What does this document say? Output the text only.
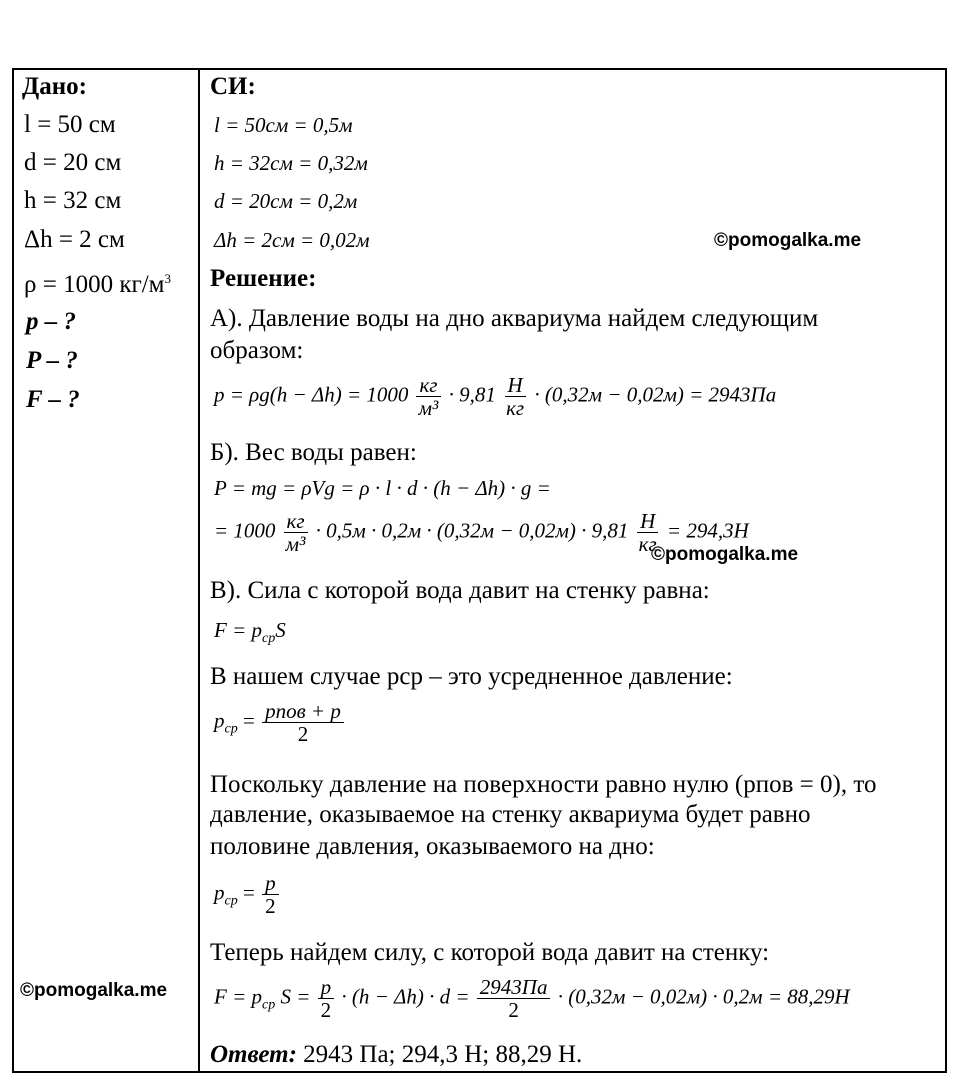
Дано:
l = 50 см
d = 20 см
h = 32 см
Δh = 2 см
ρ = 1000 $кг/м^3$
p – ?
P – ?
F – ?
©pomogalka.me
СИ:
l = 50см = 0,5м
h = 32см = 0,32м
d = 20см = 0,2м
Δh = 2см = 0,02м	©pomogalka.me
Решение:
А). Давление воды на дно аквариума найдем следующим
образом:
$p = \rho g(h - \Delta h) = 1000 \frac{кг}{\text{м³}} \cdot 9,81 \frac{Н}{кг} \cdot (0,32м - 0,02м) = 2943Па$
Б). Вес воды равен:
P = mg = ρVg = ρ · l · d · (h − Δh) · g =
= $1000 \frac{кг}{\text{м³}} \cdot 0,5м \cdot 0,2м \cdot (0,32м - 0,02м) \cdot 9,81 \frac{Н}{кг} = 294,3Н$
©pomogalka.me
В). Сила с которой вода давит на стенку равна:
$F = p_{ср}S$
В нашем случае pср – это усредненное давление:
$p_{ср} = \frac{\text{pпов + p}}{2}$
Поскольку давление на поверхности равно нулю (pпов = 0), то
давление, оказываемое на стенку аквариума будет равно
половине давления, оказываемого на дно:
$p_{ср} = \frac{p}{2}$
Теперь найдем силу, с которой вода давит на стенку:
$F = p_{ср}$ $S = \frac{p}{2} \cdot (h - \Delta h) \cdot d = \frac{2943Па}{2} \cdot (0,32м - 0,02м) \cdot 0,2м = 88,29Н$
Ответ: 2943 Па; 294,3 Н; 88,29 Н.
